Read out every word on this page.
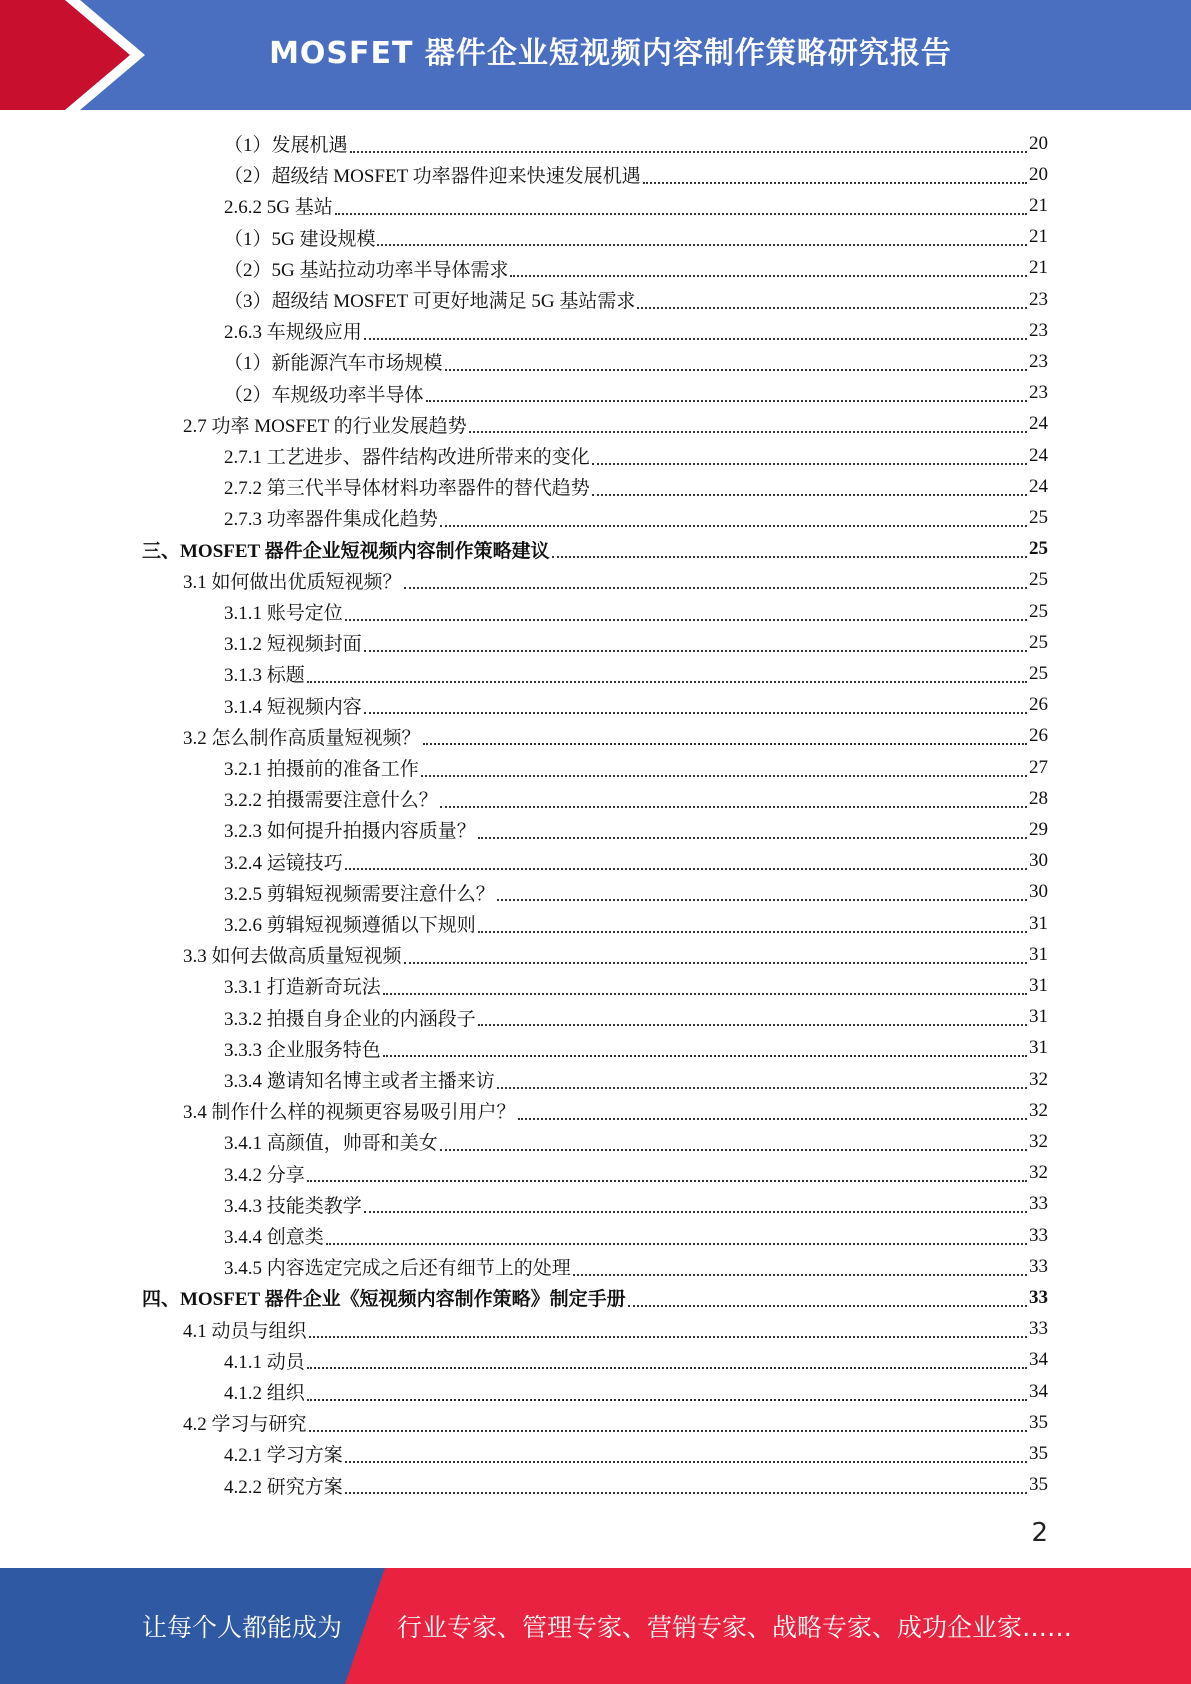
MOSFET 器件企业短视频内容制作策略研究报告
（1）发展机遇	20
（2）超级结 MOSFET 功率器件迎来快速发展机遇	20
2.6.2 5G 基站	21
（1）5G 建设规模	21
（2）5G 基站拉动功率半导体需求	21
（3）超级结 MOSFET 可更好地满足 5G 基站需求	23
2.6.3 车规级应用	23
（1）新能源汽车市场规模	23
（2）车规级功率半导体	23
2.7 功率 MOSFET 的行业发展趋势	24
2.7.1 工艺进步、器件结构改进所带来的变化	24
2.7.2 第三代半导体材料功率器件的替代趋势	24
2.7.3 功率器件集成化趋势	25
三、MOSFET 器件企业短视频内容制作策略建议	25
3.1 如何做出优质短视频？	25
3.1.1 账号定位	25
3.1.2 短视频封面	25
3.1.3 标题	25
3.1.4 短视频内容	26
3.2 怎么制作高质量短视频？	26
3.2.1 拍摄前的准备工作	27
3.2.2 拍摄需要注意什么？	28
3.2.3 如何提升拍摄内容质量？	29
3.2.4 运镜技巧	30
3.2.5 剪辑短视频需要注意什么？	30
3.2.6 剪辑短视频遵循以下规则	31
3.3 如何去做高质量短视频	31
3.3.1 打造新奇玩法	31
3.3.2 拍摄自身企业的内涵段子	31
3.3.3 企业服务特色	31
3.3.4 邀请知名博主或者主播来访	32
3.4 制作什么样的视频更容易吸引用户？	32
3.4.1 高颜值，帅哥和美女	32
3.4.2 分享	32
3.4.3 技能类教学	33
3.4.4 创意类	33
3.4.5 内容选定完成之后还有细节上的处理	33
四、MOSFET 器件企业《短视频内容制作策略》制定手册	33
4.1 动员与组织	33
4.1.1 动员	34
4.1.2 组织	34
4.2 学习与研究	35
4.2.1 学习方案	35
4.2.2 研究方案	35
2
让每个人都能成为 行业专家、管理专家、营销专家、战略专家、成功企业家……
